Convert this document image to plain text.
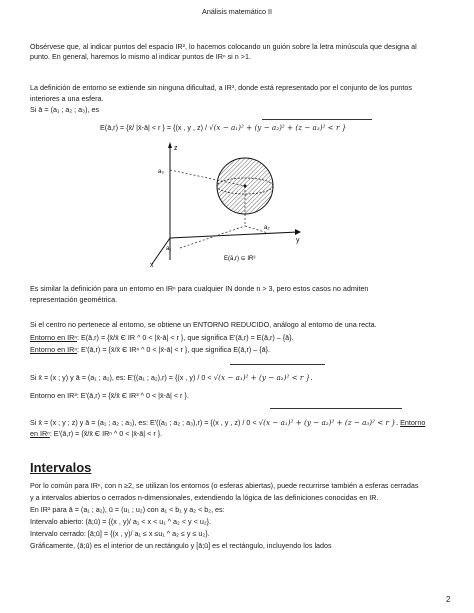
Análisis matemático II
Obsérvese que, al indicar puntos del espacio IR², lo hacemos colocando un guión sobre la letra minúscula que designa al
punto. En general, haremos lo mismo al indicar puntos de IRⁿ si n >1.
La definición de entorno se extiende sin ninguna dificultad, a IR³, donde está representado por el conjunto de los puntos
interiores a una esfera.
Si ā = (a₁ ; a₂ ; a₃), es
E(ā,r) = {x̄/ |x̄-ā| < r } = {(x , y , z) / √(x − a₁)² + (y − a₂)² + (z − a₃)² < r }
z
y
x
a₃
a₂
a₁
E(ā,r) ⊆ IR³
Es similar la definición para un entorno en IRⁿ para cualquier IN donde n > 3, pero estos casos no admiten
representación geométrica.
Si el centro no pertenece al entorno, se obtiene un ENTORNO REDUCIDO, análogo al entorno de una recta.
Entorno en IRⁿ: E(ā,r) = {x̄/x̄ Є IR ^ 0 < |x̄-ā| < r }, que significa E'(ā,r) = E(ā,r) – {ā}.
Entorno en IRⁿ: E'(ā,r) = {x̄/x̄ Є IRⁿ ^ 0 < |x̄-ā| < r }, que significa E(ā,r) – {ā}.
Si x̄ = (x ; y) y ā = (a₁ ; a₂), es: E'((a₁ ; a₂),r) = {(x , y) / 0 < √(x − a₁)² + (y − a₂)² < r }.
Entorno en IR³: E'(ā,r) = {x̄/x̄ Є IR³ ^ 0 < |x̄-ā| < r }.
Si x̄ = (x ; y ; z) y ā = (a₁ ; a₂ ; a₃), es: E'((a₁ ; a₂ ; a₃),r) = {(x , y , z) / 0 < √(x − a₁)² + (y − a₂)² + (z − a₃)² < r }. Entorno
en IRⁿ: E'(ā,r) = {x̄/x̄ Є IRⁿ ^ 0 < |x̄-ā| < r }.
Intervalos
Por lo común para IRⁿ, con n ≥2, se utilizan los entornos (o esferas abiertas), puede recurrirse también a esferas cerradas
y a intervalos abiertos o cerrados n-dimensionales, extendiendo la lógica de las definiciones conocidas en IR.
En IR² para ā = (a₁ ; a₂), ū = (u₁ ; u₂) con a₁ < b₁ y a₂ < b₂, es:
Intervalo abierto: (ā;ū) = {(x , y)/ a₁ < x < u₁ ^ a₂ < y < u₂}.
Intervalo cerrado: [ā;ū] = {(x , y)/ a₁ ≤ x ≤u₁ ^ a₂ ≤ y ≤ u₂}.
Gráficamente, (ā;ū) es el interior de un rectángulo y [ā;ū] es el rectángulo, incluyendo los lados
2
